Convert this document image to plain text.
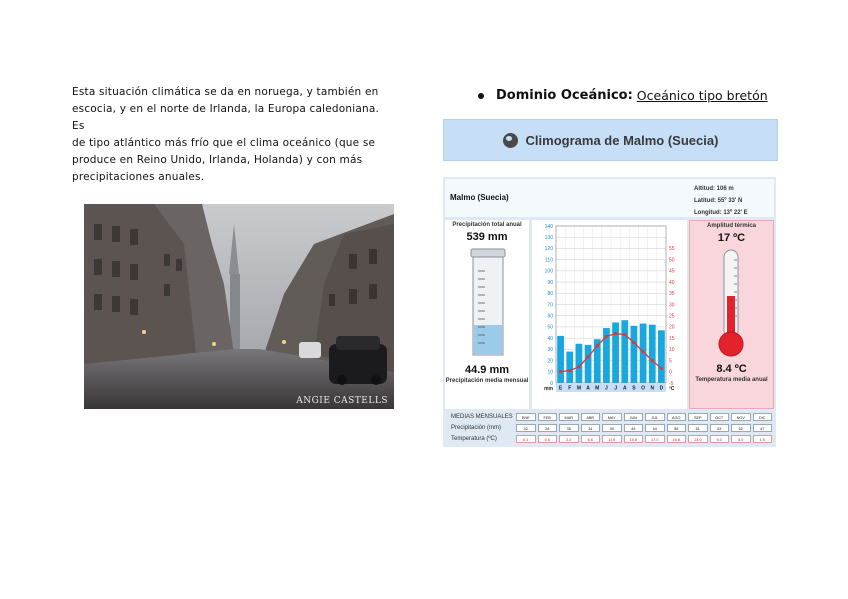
Esta situación climática se da en noruega, y también en
escocia, y en el norte de Irlanda, la Europa caledoniana. Es
de tipo atlántico más frío que el clima oceánico (que se
produce en Reino Unido, Irlanda, Holanda) y con más
precipitaciones anuales.
ANGIE CASTELLS
Dominio Oceánico: Oceánico tipo bretón
Climograma de Malmo (Suecia)
Malmo (Suecia)
Altitud: 106 m
Latitud: 55º 33' N
Longitud: 13º 22' E
Precipitación total anual
539 mm
44.9 mm
Precipitación media mensual	0
10
20
30
40
50
60
70
80
90
100
110
120
130
140
-5
0
5
10
15
20
25
30
35
40
45
50
55
E F M A M J J A S O N D
mm	ºC
Amplitud térmica
17 ºC
8.4 ºC
Temperatura media anual
MEDIAS MENSUALES	ENE	FEB	MAR	ABR	MAY	JUN	JUL	AGO	SEP	OCT	NOV	DIC
Precipitación (mm)	42	28	35	34	39	49	54	56	51	53	52	47
Temperatura (ºC)	0.1	0.5	2.2	6.6	11.6	15.8	17.0	16.6	13.0	9.0	5.0	1.5
